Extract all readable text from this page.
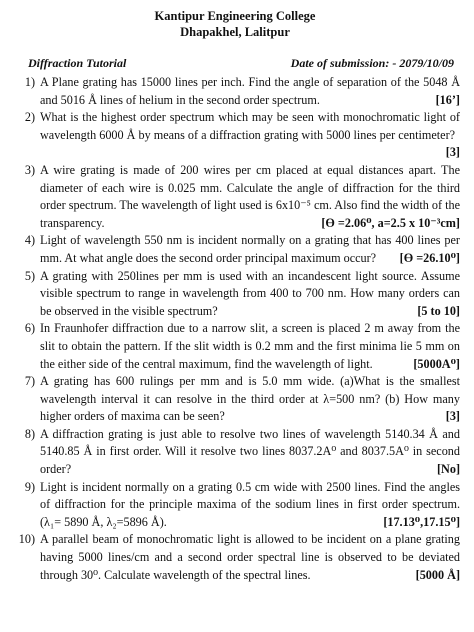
Kantipur Engineering College
Dhapakhel, Lalitpur
Diffraction Tutorial	Date of submission: - 2079/10/09
1) A Plane grating has 15000 lines per inch. Find the angle of separation of the 5048 Å and 5016 Å lines of helium in the second order spectrum.	[16’]
2) What is the highest order spectrum which may be seen with monochromatic light of wavelength 6000 Å by means of a diffraction grating with 5000 lines per centimeter?
[3]
3) A wire grating is made of 200 wires per cm placed at equal distances apart. The diameter of each wire is 0.025 mm. Calculate the angle of diffraction for the third order spectrum. The wavelength of light used is 6x10⁻⁵ cm. Also find the width of the transparency.	[ϴ =2.06⁰, a=2.5 x 10⁻³cm]
4) Light of wavelength 550 nm is incident normally on a grating that has 400 lines per mm. At what angle does the second order principal maximum occur?	[ϴ =26.10⁰]
5) A grating with 250lines per mm is used with an incandescent light source. Assume visible spectrum to range in wavelength from 400 to 700 nm. How many orders can be observed in the visible spectrum?	[5 to 10]
6) In Fraunhofer diffraction due to a narrow slit, a screen is placed 2 m away from the slit to obtain the pattern. If the slit width is 0.2 mm and the first minima lie 5 mm on the either side of the central maximum, find the wavelength of light.	[5000A⁰]
7) A grating has 600 rulings per mm and is 5.0 mm wide. (a)What is the smallest wavelength interval it can resolve in the third order at λ=500 nm? (b) How many higher orders of maxima can be seen?	[3]
8) A diffraction grating is just able to resolve two lines of wavelength 5140.34 Å and 5140.85 Å in first order. Will it resolve two lines 8037.2A⁰ and 8037.5A⁰ in second order?	[No]
9) Light is incident normally on a grating 0.5 cm wide with 2500 lines. Find the angles of diffraction for the principle maxima of the sodium lines in first order spectrum. (λ₁= 5890 Å, λ₂=5896 Å).	[17.13⁰,17.15⁰]
10) A parallel beam of monochromatic light is allowed to be incident on a plane grating having 5000 lines/cm and a second order spectral line is observed to be deviated through 30⁰. Calculate wavelength of the spectral lines.	[5000 Å]
